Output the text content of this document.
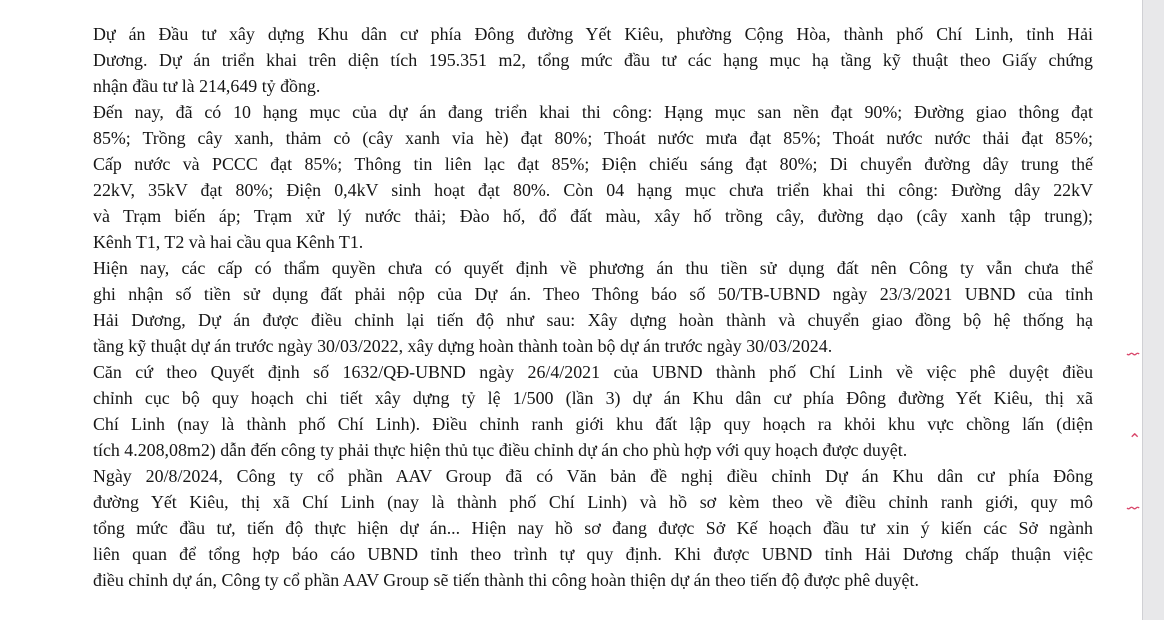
Dự án Đầu tư xây dựng Khu dân cư phía Đông đường Yết Kiêu, phường Cộng Hòa, thành phố Chí Linh, tỉnh Hải
Dương. Dự án triển khai trên diện tích 195.351 m2, tổng mức đầu tư các hạng mục hạ tầng kỹ thuật theo Giấy chứng
nhận đầu tư là 214,649 tỷ đồng.
Đến nay, đã có 10 hạng mục của dự án đang triển khai thi công: Hạng mục san nền đạt 90%; Đường giao thông đạt
85%; Trồng cây xanh, thảm cỏ (cây xanh vỉa hè) đạt 80%; Thoát nước mưa đạt 85%; Thoát nước nước thải đạt 85%;
Cấp nước và PCCC đạt 85%; Thông tin liên lạc đạt 85%; Điện chiếu sáng đạt 80%; Di chuyển đường dây trung thế
22kV, 35kV đạt 80%; Điện 0,4kV sinh hoạt đạt 80%. Còn 04 hạng mục chưa triển khai thi công: Đường dây 22kV
và Trạm biến áp; Trạm xử lý nước thải; Đào hố, đổ đất màu, xây hố trồng cây, đường dạo (cây xanh tập trung);
Kênh T1, T2 và hai cầu qua Kênh T1.
Hiện nay, các cấp có thẩm quyền chưa có quyết định về phương án thu tiền sử dụng đất nên Công ty vẫn chưa thể
ghi nhận số tiền sử dụng đất phải nộp của Dự án. Theo Thông báo số 50/TB-UBND ngày 23/3/2021 UBND của tỉnh
Hải Dương, Dự án được điều chỉnh lại tiến độ như sau: Xây dựng hoàn thành và chuyển giao đồng bộ hệ thống hạ
tầng kỹ thuật dự án trước ngày 30/03/2022, xây dựng hoàn thành toàn bộ dự án trước ngày 30/03/2024.
Căn cứ theo Quyết định số 1632/QĐ-UBND ngày 26/4/2021 của UBND thành phố Chí Linh về việc phê duyệt điều
chỉnh cục bộ quy hoạch chi tiết xây dựng tỷ lệ 1/500 (lần 3) dự án Khu dân cư phía Đông đường Yết Kiêu, thị xã
Chí Linh (nay là thành phố Chí Linh). Điều chỉnh ranh giới khu đất lập quy hoạch ra khỏi khu vực chồng lấn (diện
tích 4.208,08m2) dẫn đến công ty phải thực hiện thủ tục điều chỉnh dự án cho phù hợp với quy hoạch được duyệt.
Ngày 20/8/2024, Công ty cổ phần AAV Group đã có Văn bản đề nghị điều chỉnh Dự án Khu dân cư phía Đông
đường Yết Kiêu, thị xã Chí Linh (nay là thành phố Chí Linh) và hồ sơ kèm theo về điều chỉnh ranh giới, quy mô
tổng mức đầu tư, tiến độ thực hiện dự án... Hiện nay hồ sơ đang được Sở Kế hoạch đầu tư xin ý kiến các Sở ngành
liên quan để tổng hợp báo cáo UBND tỉnh theo trình tự quy định. Khi được UBND tỉnh Hải Dương chấp thuận việc
điều chỉnh dự án, Công ty cổ phần AAV Group sẽ tiến thành thi công hoàn thiện dự án theo tiến độ được phê duyệt.
⌇
⌃
⌇
